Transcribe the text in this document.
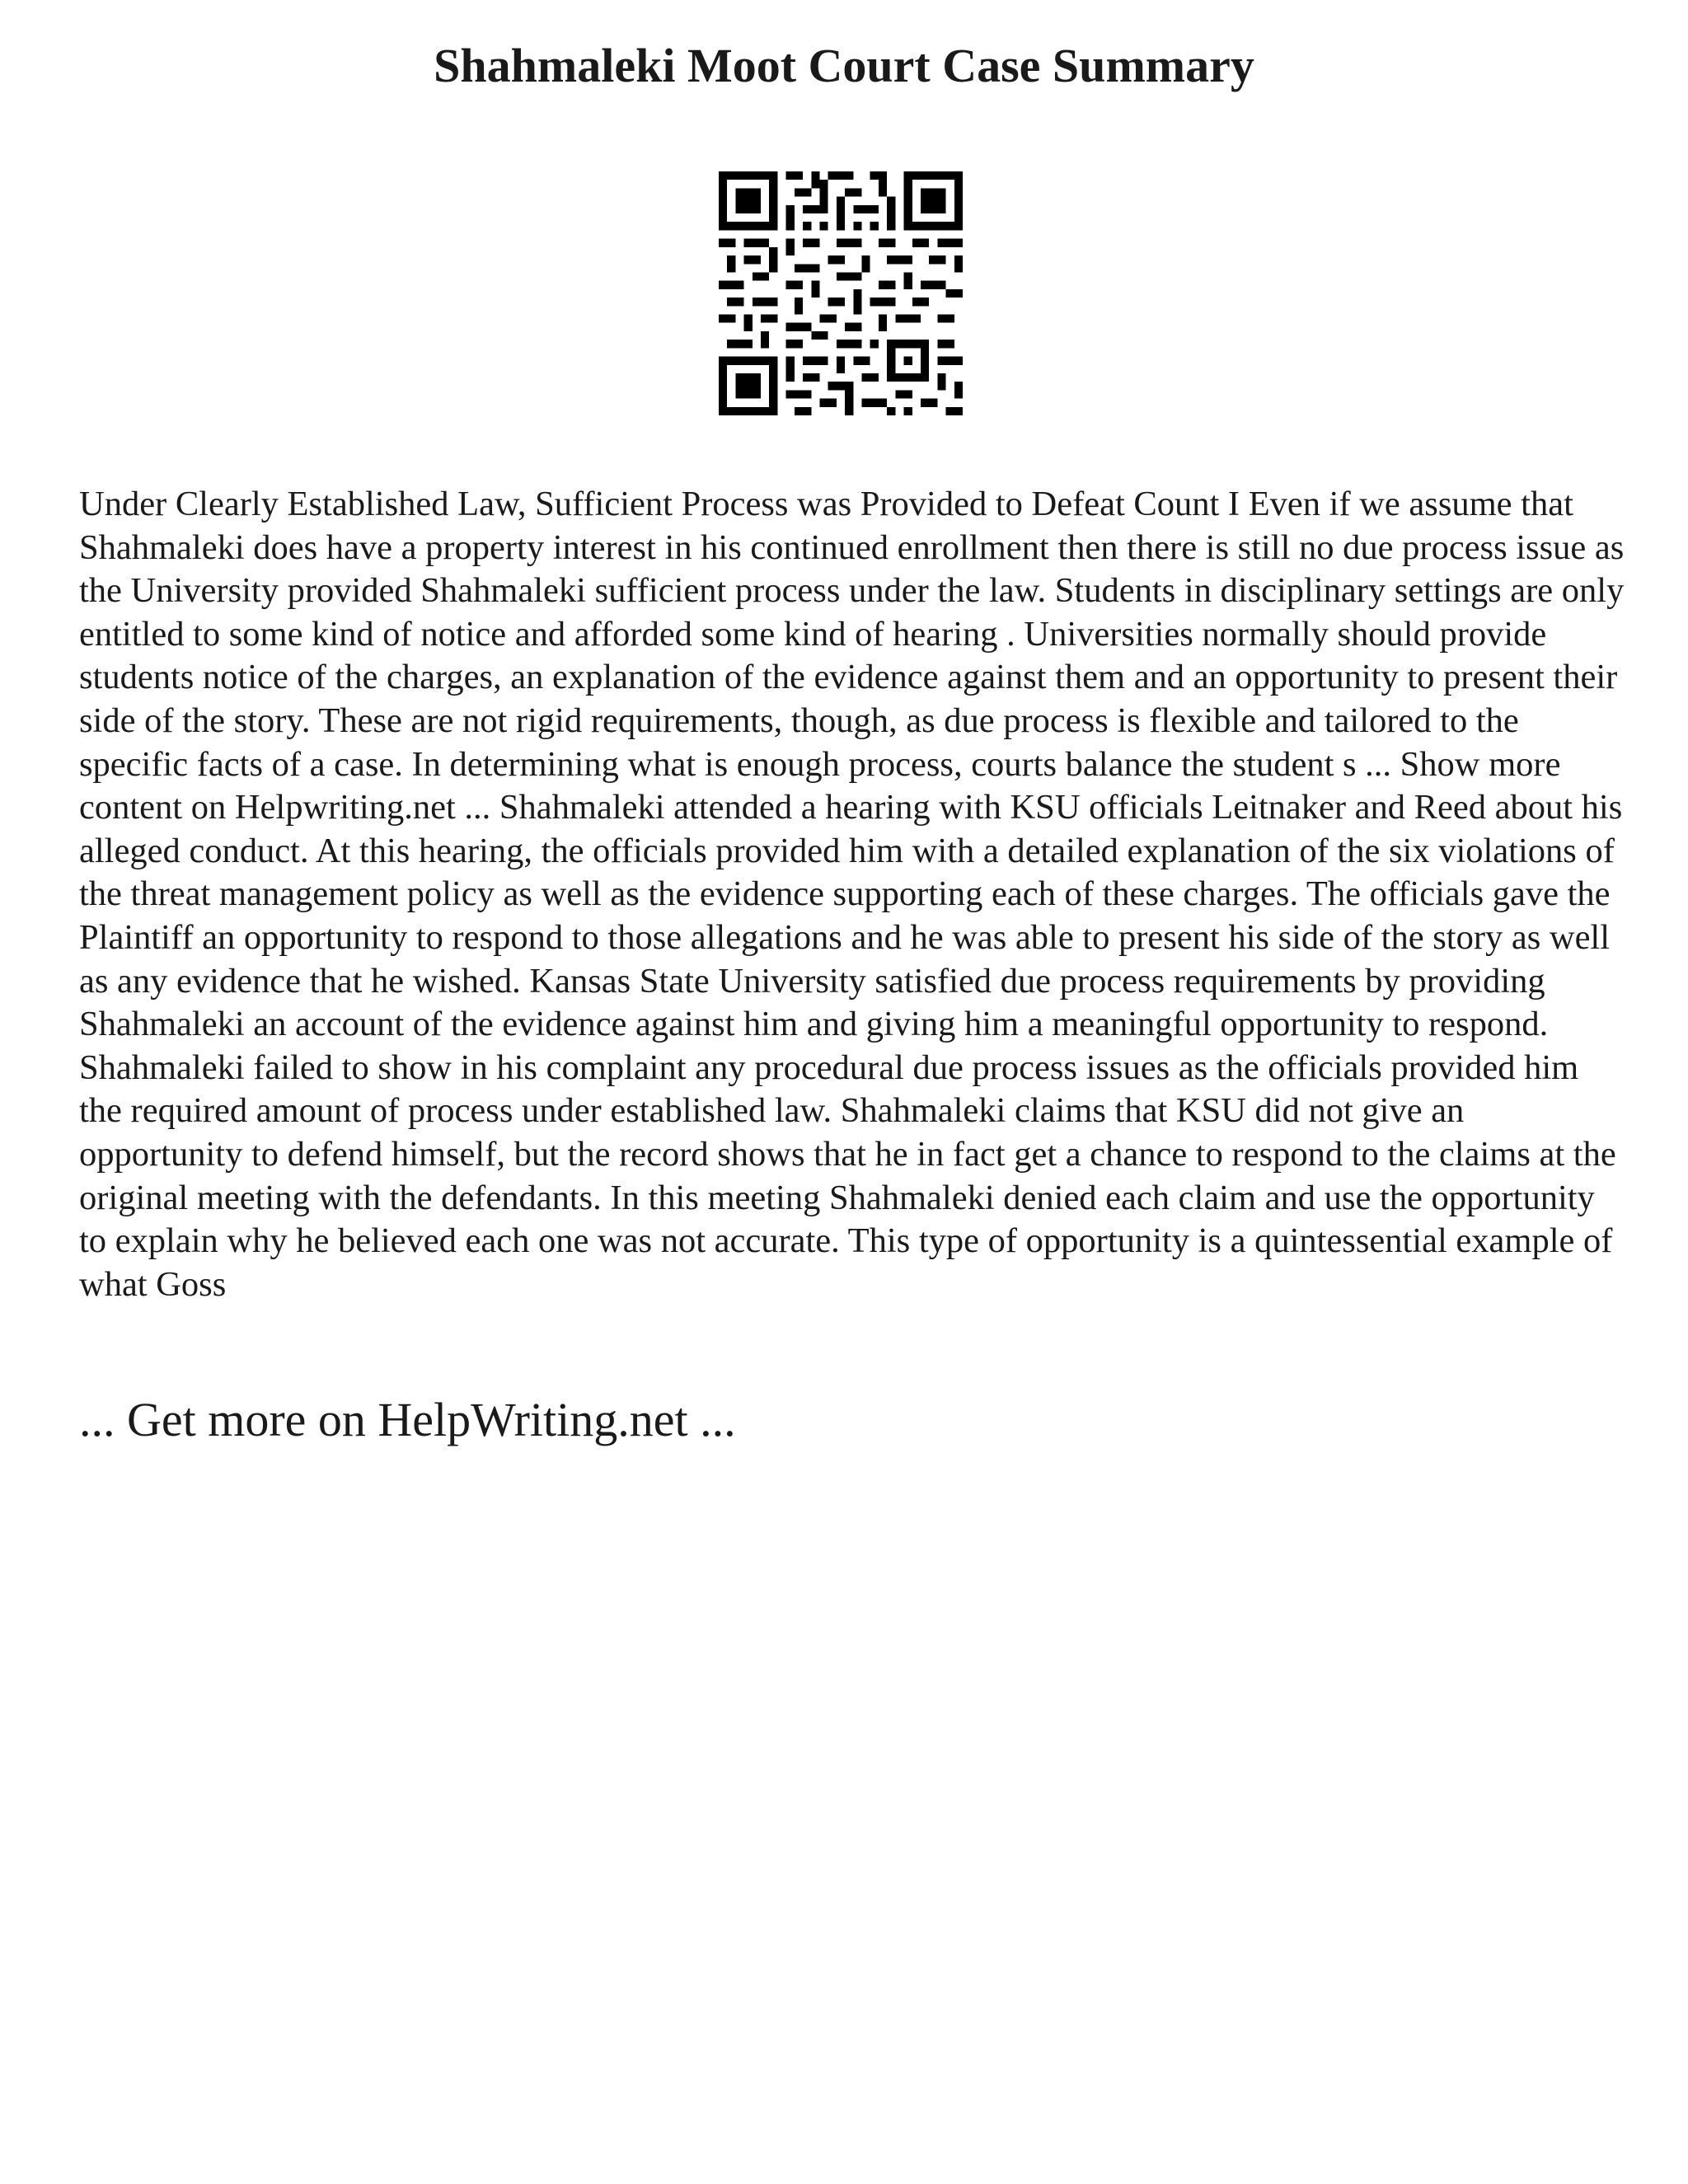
Shahmaleki Moot Court Case Summary

Under Clearly Established Law, Sufficient Process was Provided to Defeat Count I Even if we assume that Shahmaleki does have a property interest in his continued enrollment then there is still no due process issue as the University provided Shahmaleki sufficient process under the law. Students in disciplinary settings are only entitled to some kind of notice and afforded some kind of hearing . Universities normally should provide students notice of the charges, an explanation of the evidence against them and an opportunity to present their side of the story. These are not rigid requirements, though, as due process is flexible and tailored to the specific facts of a case. In determining what is enough process, courts balance the student s ... Show more content on Helpwriting.net ... Shahmaleki attended a hearing with KSU officials Leitnaker and Reed about his alleged conduct. At this hearing, the officials provided him with a detailed explanation of the six violations of the threat management policy as well as the evidence supporting each of these charges. The officials gave the Plaintiff an opportunity to respond to those allegations and he was able to present his side of the story as well as any evidence that he wished. Kansas State University satisfied due process requirements by providing Shahmaleki an account of the evidence against him and giving him a meaningful opportunity to respond. Shahmaleki failed to show in his complaint any procedural due process issues as the officials provided him the required amount of process under established law. Shahmaleki claims that KSU did not give an opportunity to defend himself, but the record shows that he in fact get a chance to respond to the claims at the original meeting with the defendants. In this meeting Shahmaleki denied each claim and use the opportunity to explain why he believed each one was not accurate. This type of opportunity is a quintessential example of what Goss

... Get more on HelpWriting.net ...
